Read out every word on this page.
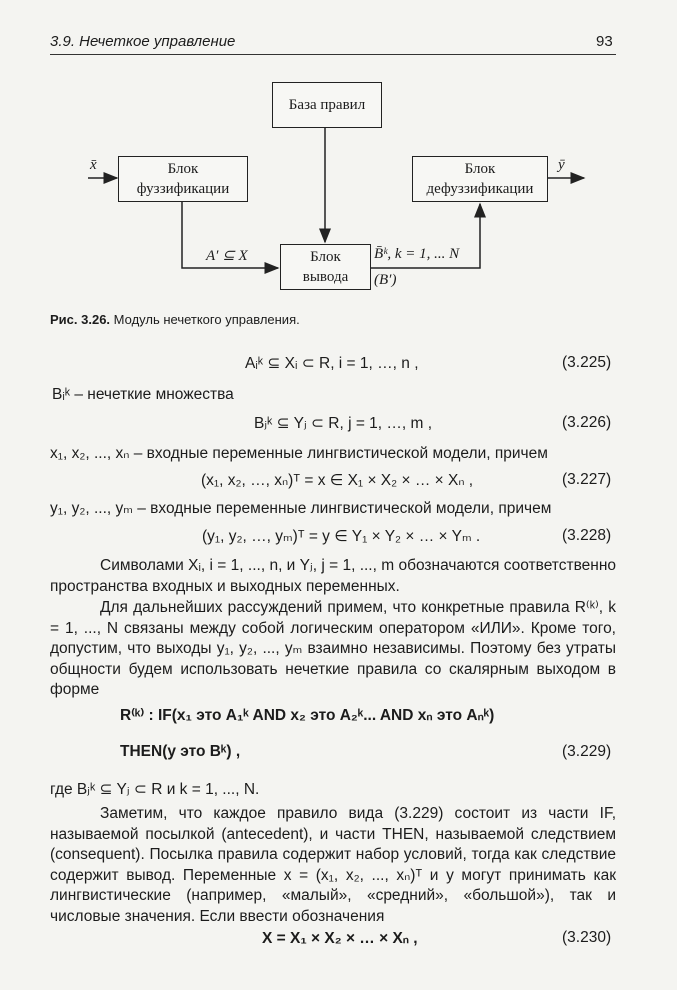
3.9. Нечеткое управление	93
База правил
Блок фуззификации
Блок дефуззификации
Блок вывода
x̄	ȳ
A′ ⊆ X	B̄ᵏ, k = 1, ... N
(B′)
Рис. 3.26. Модуль нечеткого управления.
Aᵢᵏ ⊆ Xᵢ ⊂ R, i = 1, …, n ,	(3.225)
Bᵢᵏ – нечеткие множества
Bⱼᵏ ⊆ Yⱼ ⊂ R, j = 1, …, m ,	(3.226)
x₁, x₂, ..., xₙ – входные переменные лингвистической модели, причем
(x₁, x₂, …, xₙ)ᵀ = x ∈ X₁ × X₂ × … × Xₙ ,	(3.227)
y₁, y₂, ..., yₘ – входные переменные лингвистической модели, причем
(y₁, y₂, …, yₘ)ᵀ = y ∈ Y₁ × Y₂ × … × Yₘ .	(3.228)
Символами Xᵢ, i = 1, ..., n, и Yⱼ, j = 1, ..., m обозначаются соответственно пространства входных и выходных переменных.
Для дальнейших рассуждений примем, что конкретные правила R⁽ᵏ⁾, k = 1, ..., N связаны между собой логическим оператором «ИЛИ». Кроме того, допустим, что выходы y₁, y₂, ..., yₘ взаимно независимы. Поэтому без утраты общности будем использовать нечеткие правила со скалярным выходом в форме
R⁽ᵏ⁾ : IF(x₁ это A₁ᵏ AND x₂ это A₂ᵏ... AND xₙ это Aₙᵏ)
THEN(y это Bᵏ) ,	(3.229)
где Bⱼᵏ ⊆ Yⱼ ⊂ R и k = 1, ..., N.
Заметим, что каждое правило вида (3.229) состоит из части IF, называемой посылкой (antecedent), и части THEN, называемой следствием (consequent). Посылка правила содержит набор условий, тогда как следствие содержит вывод. Переменные x = (x₁, x₂, ..., xₙ)ᵀ и y могут принимать как лингвистические (например, «малый», «средний», «большой»), так и числовые значения. Если ввести обозначения
X = X₁ × X₂ × … × Xₙ ,	(3.230)
